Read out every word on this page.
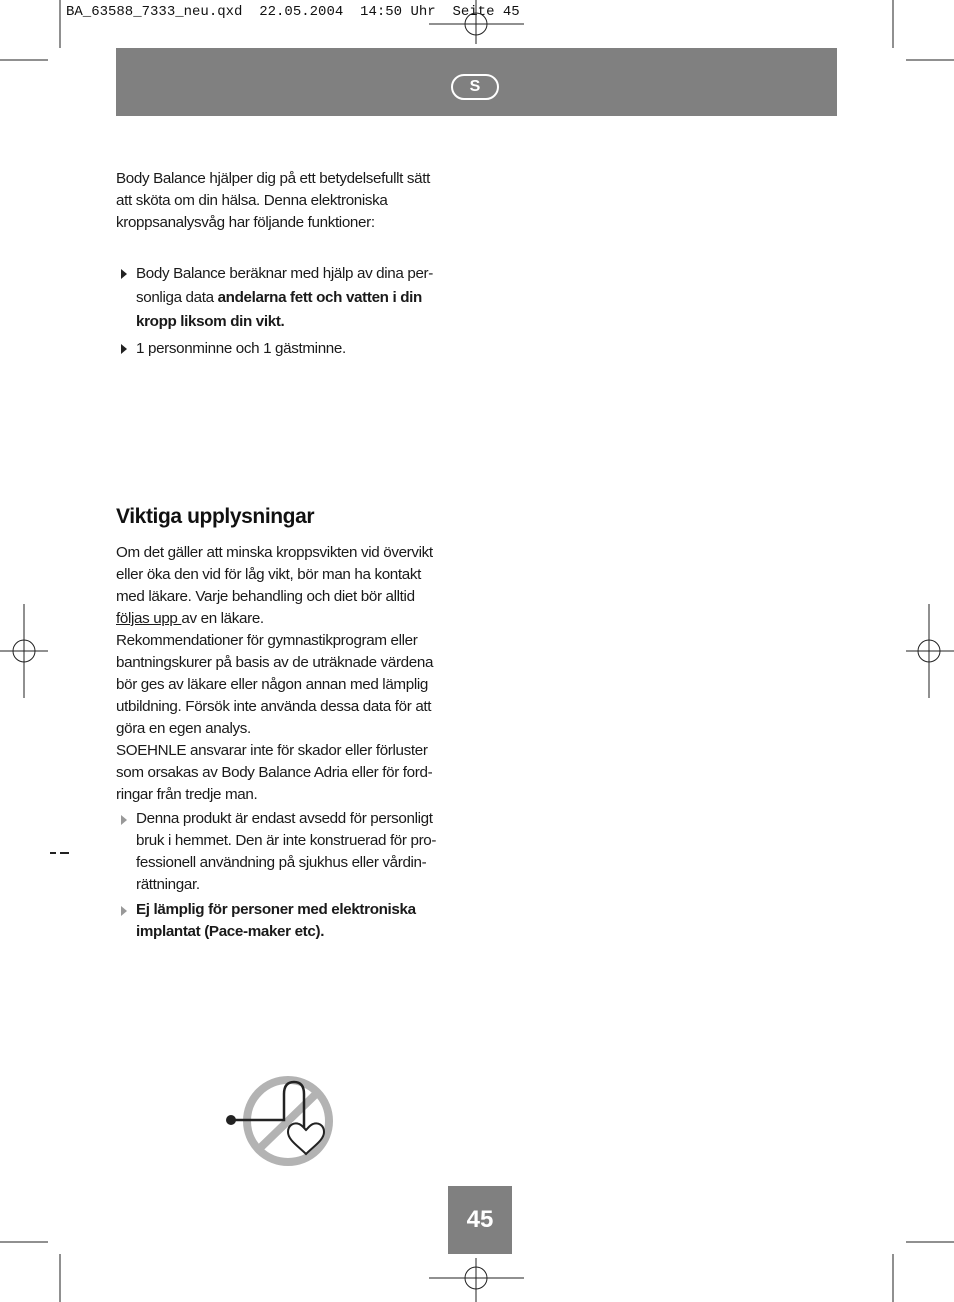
BA_63588_7333_neu.qxd  22.05.2004  14:50 Uhr  Seite 45
S

Body Balance hjälper dig på ett betydelsefullt sätt

att sköta om din hälsa. Denna elektroniska

kroppsanalysvåg har följande funktioner:

Body Balance beräknar med hjälp av dina per-
sonliga data andelarna fett och vatten i din
kropp liksom din vikt.
1 personminne och 1 gästminne.
Viktiga upplysningar

Om det gäller att minska kroppsvikten vid övervikt

eller öka den vid för låg vikt, bör man ha kontakt

med läkare. Varje behandling och diet bör alltid

följas upp av en läkare.

Rekommendationer för gymnastikprogram eller

bantningskurer på basis av de uträknade värdena

bör ges av läkare eller någon annan med lämplig

utbildning. Försök inte använda dessa data för att

göra en egen analys.

SOEHNLE ansvarar inte för skador eller förluster

som orsakas av Body Balance Adria eller för ford-

ringar från tredje man.

Denna produkt är endast avsedd för personligt
bruk i hemmet. Den är inte konstruerad för pro-
fessionell användning på sjukhus eller vårdin-
rättningar.
Ej lämplig för personer med elektroniska
implantat (Pace-maker etc).
45
